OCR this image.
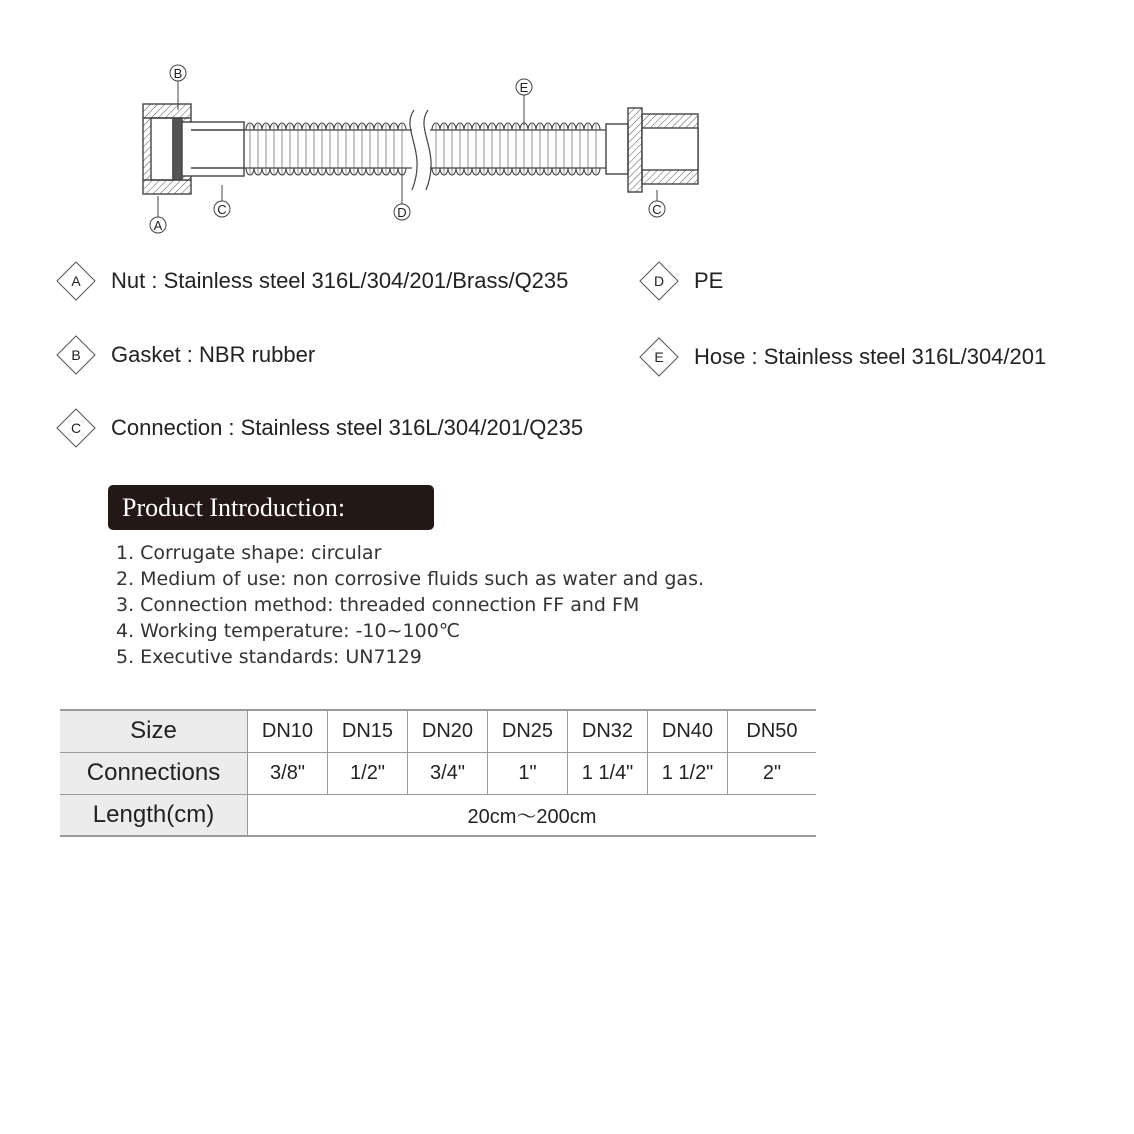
B
E
A
C	D	C
A Nut : Stainless steel 316L/304/201/Brass/Q235
B Gasket : NBR rubber
C Connection : Stainless steel 316L/304/201/Q235
D PE
E Hose : Stainless steel 316L/304/201
Product Introduction:
1. Corrugate shape: circular
2. Medium of use: non corrosive fluids such as water and gas.
3. Connection method: threaded connection FF and FM
4. Working temperature: -10~100℃
5. Executive standards: UN7129
Size	DN10	DN15	DN20	DN25	DN32	DN40	DN50
Connections	3/8"	1/2"	3/4"	1"	1 1/4"	1 1/2"	2"
Length(cm)	20cm～200cm						
